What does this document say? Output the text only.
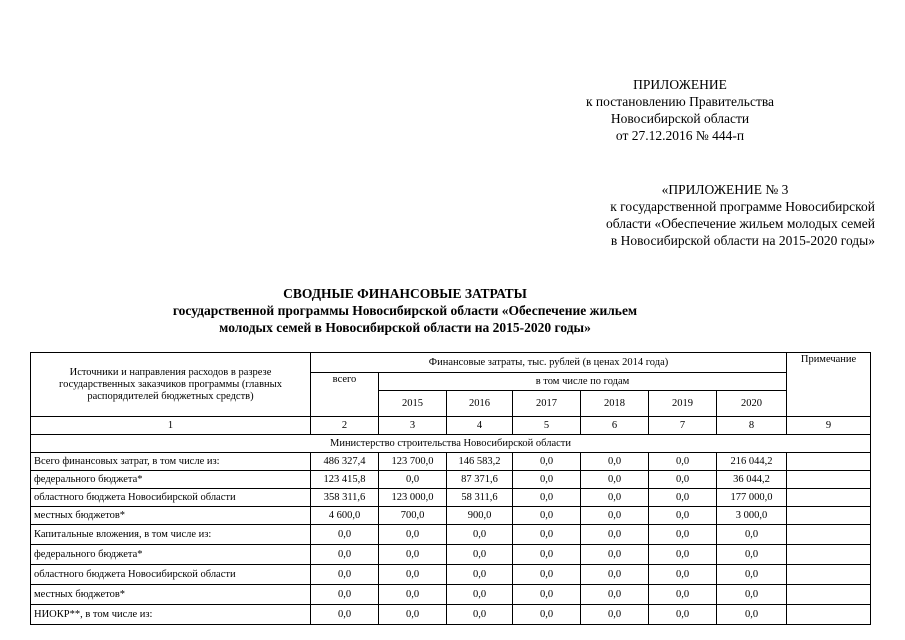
ПРИЛОЖЕНИЕ
к постановлению Правительства
Новосибирской области
от 27.12.2016 № 444-п
«ПРИЛОЖЕНИЕ № 3
к государственной программе Новосибирской
области «Обеспечение жильем молодых семей
в Новосибирской области на 2015-2020 годы»
СВОДНЫЕ ФИНАНСОВЫЕ ЗАТРАТЫ
государственной программы Новосибирской области «Обеспечение жильем
молодых семей в Новосибирской области на 2015-2020 годы»
Источники и направления расходов в разрезе государственных заказчиков программы (главных распорядителей бюджетных средств)	Финансовые затраты, тыс. рублей (в ценах 2014 года)							Примечание
	всего	в том числе по годам						
		2015	2016	2017	2018	2019	2020	
1	2	3	4	5	6	7	8	9
Министерство строительства Новосибирской области								
Всего финансовых затрат, в том числе из:	486 327,4	123 700,0	146 583,2	0,0	0,0	0,0	216 044,2	
федерального бюджета*	123 415,8	0,0	87 371,6	0,0	0,0	0,0	36 044,2	
областного бюджета Новосибирской области	358 311,6	123 000,0	58 311,6	0,0	0,0	0,0	177 000,0	
местных бюджетов*	4 600,0	700,0	900,0	0,0	0,0	0,0	3 000,0	
Капитальные вложения, в том числе из:	0,0	0,0	0,0	0,0	0,0	0,0	0,0	
федерального бюджета*	0,0	0,0	0,0	0,0	0,0	0,0	0,0	
областного бюджета Новосибирской области	0,0	0,0	0,0	0,0	0,0	0,0	0,0	
местных бюджетов*	0,0	0,0	0,0	0,0	0,0	0,0	0,0	
НИОКР**, в том числе из:	0,0	0,0	0,0	0,0	0,0	0,0	0,0	
